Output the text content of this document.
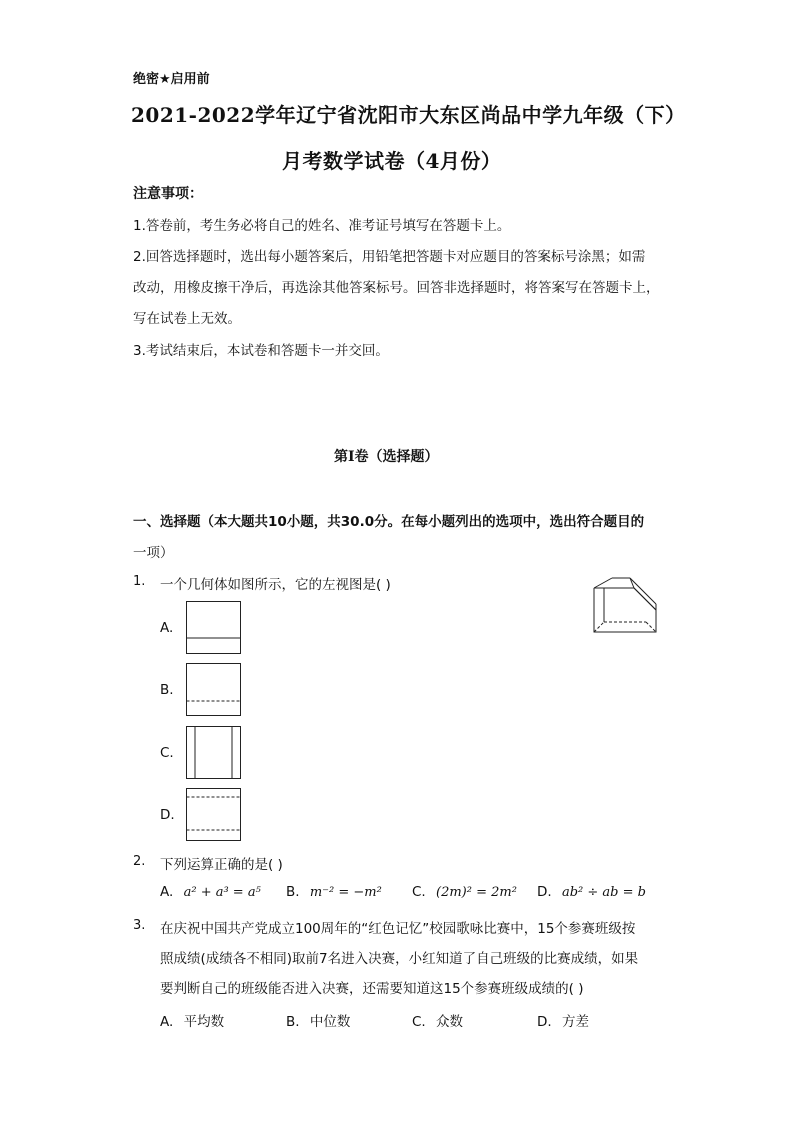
绝密★启用前
2021-2022学年辽宁省沈阳市大东区尚品中学九年级（下）
月考数学试卷（4月份）
注意事项：
1.答卷前，考生务必将自己的姓名、准考证号填写在答题卡上。
2.回答选择题时，选出每小题答案后，用铅笔把答题卡对应题目的答案标号涂黑；如需
改动，用橡皮擦干净后，再选涂其他答案标号。回答非选择题时，将答案写在答题卡上，
写在试卷上无效。
3.考试结束后，本试卷和答题卡一并交回。
第I卷（选择题）
一、选择题（本大题共10小题，共30.0分。在每小题列出的选项中，选出符合题目的
一项）
1. 一个几何体如图所示，它的左视图是( )
A.
B.
C.
D.
2. 下列运算正确的是( )
A. a² + a³ = a⁵ B. m⁻² = −m² C. (2m)² = 2m² D. ab² ÷ ab = b
3. 在庆祝中国共产党成立100周年的“红色记忆”校园歌咏比赛中，15个参赛班级按
照成绩(成绩各不相同)取前7名进入决赛，小红知道了自己班级的比赛成绩，如果
要判断自己的班级能否进入决赛，还需要知道这15个参赛班级成绩的( )
A. 平均数	B. 中位数	C. 众数	D. 方差
